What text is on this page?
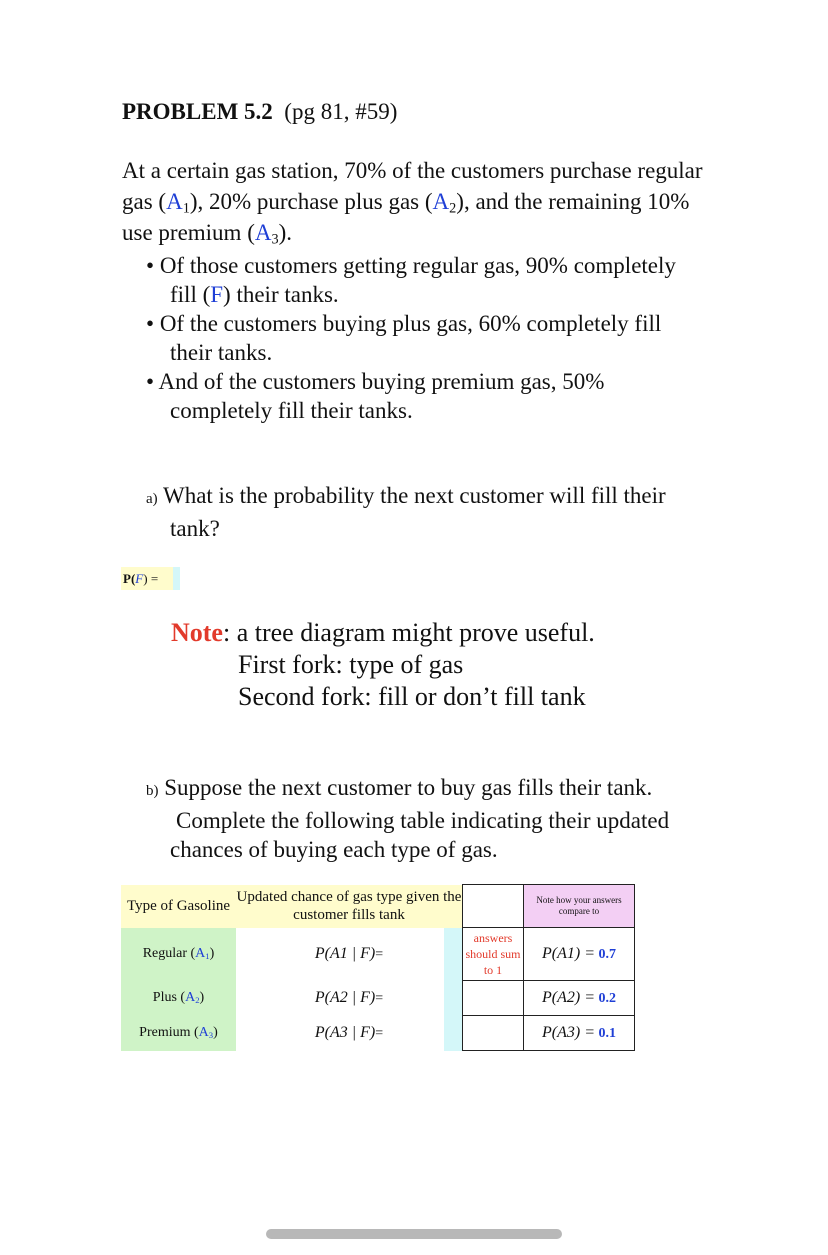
PROBLEM 5.2 (pg 81, #59)
At a certain gas station, 70% of the customers purchase regular gas $(A_1)$, 20% purchase plus gas $(A_2)$, and the remaining 10% use premium $(A_3)$.
• Of those customers getting regular gas, 90% completely
fill (F) their tanks.
• Of the customers buying plus gas, 60% completely fill
their tanks.
• And of the customers buying premium gas, 50%
completely fill their tanks.
a) What is the probability the next customer will fill their
tank?
P(F) =
Note: a tree diagram might prove useful.
First fork: type of gas
Second fork: fill or don’t fill tank
b) Suppose the next customer to buy gas fills their tank.
Complete the following table indicating their updated
chances of buying each type of gas.
Type of Gasoline	Updated chance of gas type given the customer fills tank		Note how your answers compare to
Regular $(A_1)$	P(A1 | F)=	answers should sum to 1	P(A1) = 0.7
Plus $(A_2)$	P(A2 | F)=		P(A2) = 0.2
Premium $(A_3)$	P(A3 | F)=		P(A3) = 0.1
